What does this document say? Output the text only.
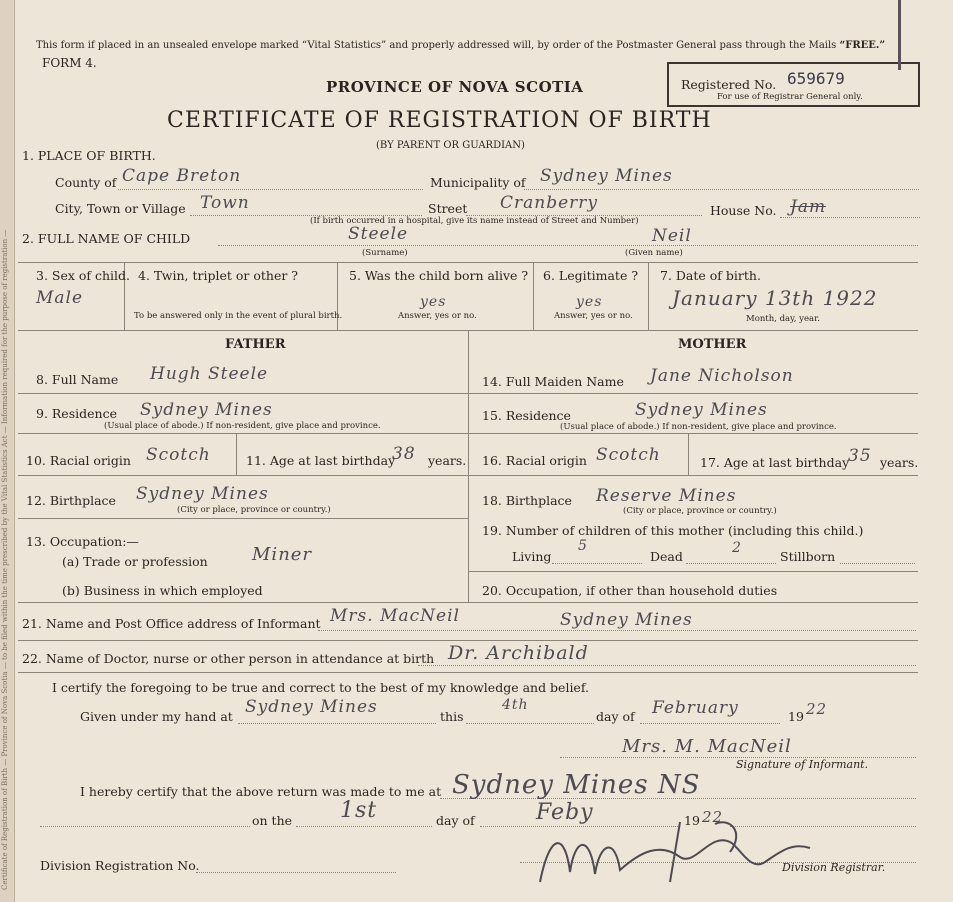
Certificate of Registration of Birth — Province of Nova Scotia — to be filed within the time prescribed by the Vital Statistics Act — Information required for the purpose of registration —
This form if placed in an unsealed envelope marked “Vital Statistics” and properly addressed will, by order of the Postmaster General pass through the Mails “FREE.”
FORM 4.
PROVINCE OF NOVA SCOTIA
CERTIFICATE OF REGISTRATION OF BIRTH
(BY PARENT OR GUARDIAN)
Registered No. 659679
For use of Registrar General only.
1. PLACE OF BIRTH.
County of Cape Breton	Municipality of Sydney Mines
City, Town or Village Town	Street Cranberry
(If birth occurred in a hospital, give its name instead of Street and Number)
House No. Jam
2. FULL NAME OF CHILD	Steele
(Surname)
Neil
(Given name)
3. Sex of child.
Male
4. Twin, triplet or other ?
To be answered only in the event of plural birth.
5. Was the child born alive ?
yes
Answer, yes or no.
6. Legitimate ?
yes
Answer, yes or no.
7. Date of birth.
January 13th 1922
Month, day, year.
FATHER
8. Full Name Hugh Steele
9. Residence Sydney Mines
(Usual place of abode.) If non-resident, give place and province.
10. Racial origin Scotch	11. Age at last birthday
38 years.
12. Birthplace Sydney Mines
(City or place, province or country.)
13. Occupation:—
(a) Trade or profession Miner
(b) Business in which employed
MOTHER
14. Full Maiden Name Jane Nicholson
15. Residence	Sydney Mines
(Usual place of abode.) If non-resident, give place and province.
16. Racial origin Scotch	17. Age at last birthday
35 years.
18. Birthplace Reserve Mines
(City or place, province or country.)
19. Number of children of this mother (including this child.)
Living
5
Dead
2
Stillborn
20. Occupation, if other than household duties
21. Name and Post Office address of Informant Mrs. MacNeil	Sydney Mines
22. Name of Doctor, nurse or other person in attendance at birth Dr. Archibald
I certify the foregoing to be true and correct to the best of my knowledge and belief.
Given under my hand at Sydney Mines	this
4th
day of February	19 22
Mrs. M. MacNeil
Signature of Informant.
I hereby certify that the above return was made to me at Sydney Mines NS
on the 1st	day of	Feby	19 22
Division Registration No.	Division Registrar.
